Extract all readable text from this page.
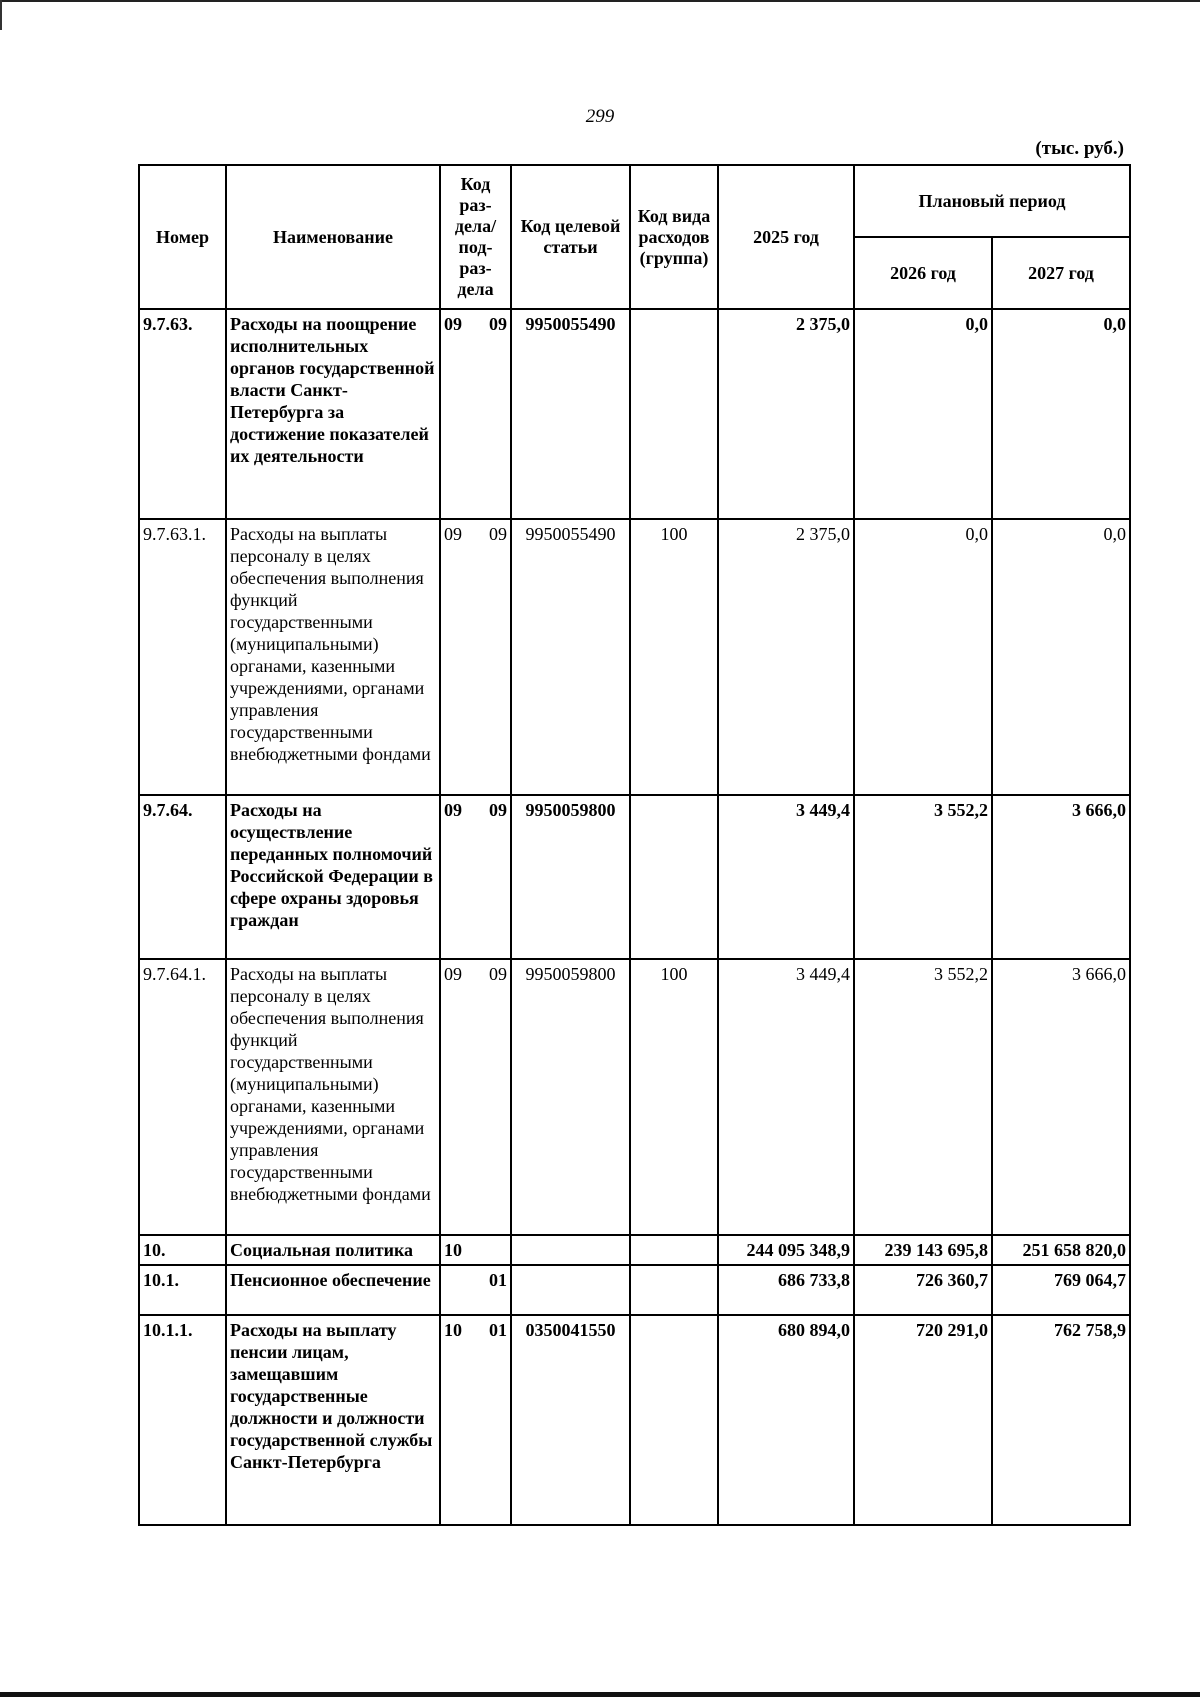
299
(тыс. руб.)
Номер	Наименование	Код раз-дела/ под-раз-дела	Код целевой статьи	Код вида расходов (группа)	2025 год	Плановый период	
						2026 год	2027 год
9.7.63.	Расходы на поощрение исполнительных органов государственной власти Санкт-Петербурга за достижение показателей их деятельности	09 09	9950055490		2 375,0	0,0	0,0
9.7.63.1.	Расходы на выплаты персоналу в целях обеспечения выполнения функций государственными (муниципальными) органами, казенными учреждениями, органами управления государственными внебюджетными фондами	09 09	9950055490	100	2 375,0	0,0	0,0
9.7.64.	Расходы на осуществление переданных полномочий Российской Федерации в сфере охраны здоровья граждан	09 09	9950059800		3 449,4	3 552,2	3 666,0
9.7.64.1.	Расходы на выплаты персоналу в целях обеспечения выполнения функций государственными (муниципальными) органами, казенными учреждениями, органами управления государственными внебюджетными фондами	09 09	9950059800	100	3 449,4	3 552,2	3 666,0
10.	Социальная политика	10			244 095 348,9	239 143 695,8	251 658 820,0
10.1.	Пенсионное обеспечение	01			686 733,8	726 360,7	769 064,7
10.1.1.	Расходы на выплату пенсии лицам, замещавшим государственные должности и должности государственной службы Санкт-Петербурга	10 01	0350041550		680 894,0	720 291,0	762 758,9
